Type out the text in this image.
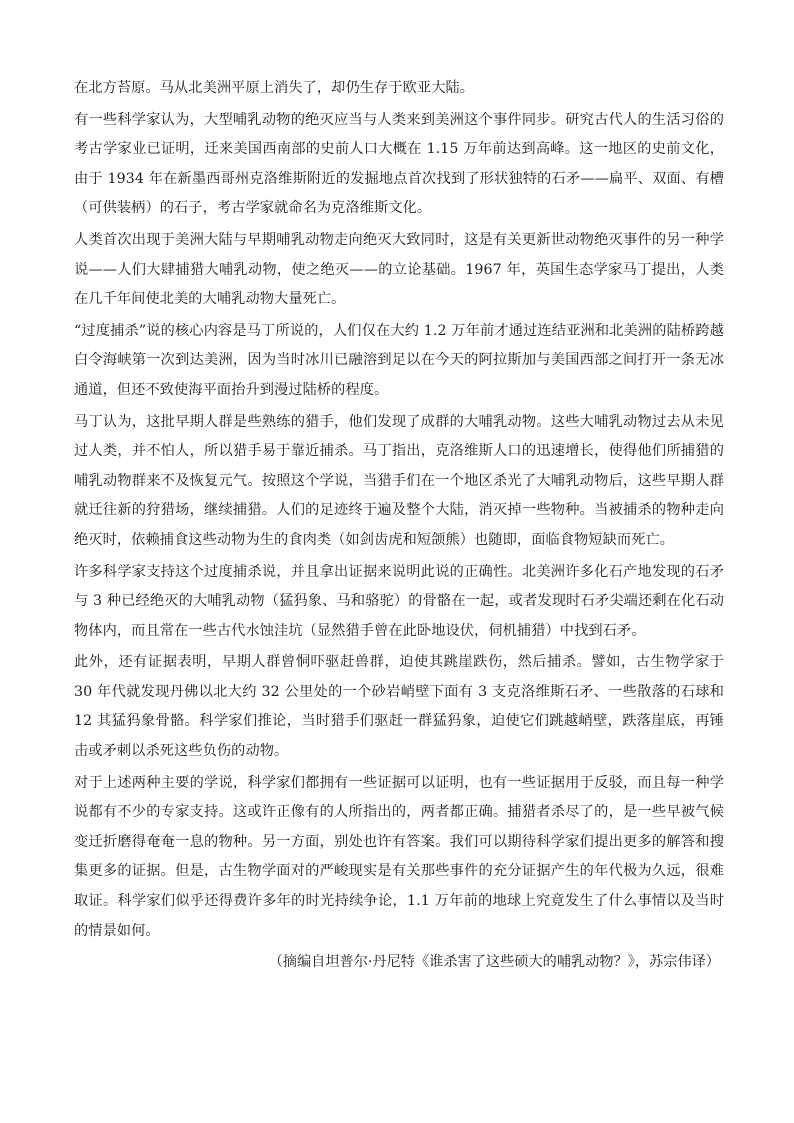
在北方苔原。马从北美洲平原上消失了，却仍生存于欧亚大陆。

有一些科学家认为，大型哺乳动物的绝灭应当与人类来到美洲这个事件同步。研究古代人的生活习俗的考古学家业已证明，迁来美国西南部的史前人口大概在 1.15 万年前达到高峰。这一地区的史前文化，由于 1934 年在新墨西哥州克洛维斯附近的发掘地点首次找到了形状独特的石矛——扁平、双面、有槽（可供装柄）的石子，考古学家就命名为克洛维斯文化。

人类首次出现于美洲大陆与早期哺乳动物走向绝灭大致同时，这是有关更新世动物绝灭事件的另一种学说——人们大肆捕猎大哺乳动物，使之绝灭——的立论基础。1967 年，英国生态学家马丁提出，人类在几千年间使北美的大哺乳动物大量死亡。

“过度捕杀”说的核心内容是马丁所说的，人们仅在大约 1.2 万年前才通过连结亚洲和北美洲的陆桥跨越白令海峡第一次到达美洲，因为当时冰川已融溶到足以在今天的阿拉斯加与美国西部之间打开一条无冰通道，但还不致使海平面抬升到漫过陆桥的程度。

马丁认为，这批早期人群是些熟练的猎手，他们发现了成群的大哺乳动物。这些大哺乳动物过去从未见过人类，并不怕人，所以猎手易于靠近捕杀。马丁指出，克洛维斯人口的迅速增长，使得他们所捕猎的哺乳动物群来不及恢复元气。按照这个学说，当猎手们在一个地区杀光了大哺乳动物后，这些早期人群就迁往新的狩猎场，继续捕猎。人们的足迹终于遍及整个大陆，消灭掉一些物种。当被捕杀的物种走向绝灭时，依赖捕食这些动物为生的食肉类（如剑齿虎和短颌熊）也随即，面临食物短缺而死亡。

许多科学家支持这个过度捕杀说，并且拿出证据来说明此说的正确性。北美洲许多化石产地发现的石矛与 3 种已经绝灭的大哺乳动物（猛犸象、马和骆驼）的骨骼在一起，或者发现时石矛尖端还剩在化石动物体内，而且常在一些古代水蚀洼坑（显然猎手曾在此卧地设伏，伺机捕猎）中找到石矛。

此外，还有证据表明，早期人群曾恫吓驱赶兽群，迫使其跳崖跌伤，然后捕杀。譬如，古生物学家于 30 年代就发现丹佛以北大约 32 公里处的一个砂岩峭壁下面有 3 支克洛维斯石矛、一些散落的石球和 12 其猛犸象骨骼。科学家们推论，当时猎手们驱赶一群猛犸象，迫使它们跳越峭壁，跌落崖底，再锤击或矛刺以杀死这些负伤的动物。

对于上述两种主要的学说，科学家们都拥有一些证据可以证明，也有一些证据用于反驳，而且每一种学说都有不少的专家支持。这或许正像有的人所指出的，两者都正确。捕猎者杀尽了的，是一些早被气候变迁折磨得奄奄一息的物种。另一方面，别处也许有答案。我们可以期待科学家们提出更多的解答和搜集更多的证据。但是，古生物学面对的严峻现实是有关那些事件的充分证据产生的年代极为久远，很难取证。科学家们似乎还得费许多年的时光持续争论，1.1 万年前的地球上究竟发生了什么事情以及当时的情景如何。

（摘编自坦普尔·丹尼特《谁杀害了这些硕大的哺乳动物？》，苏宗伟译）
